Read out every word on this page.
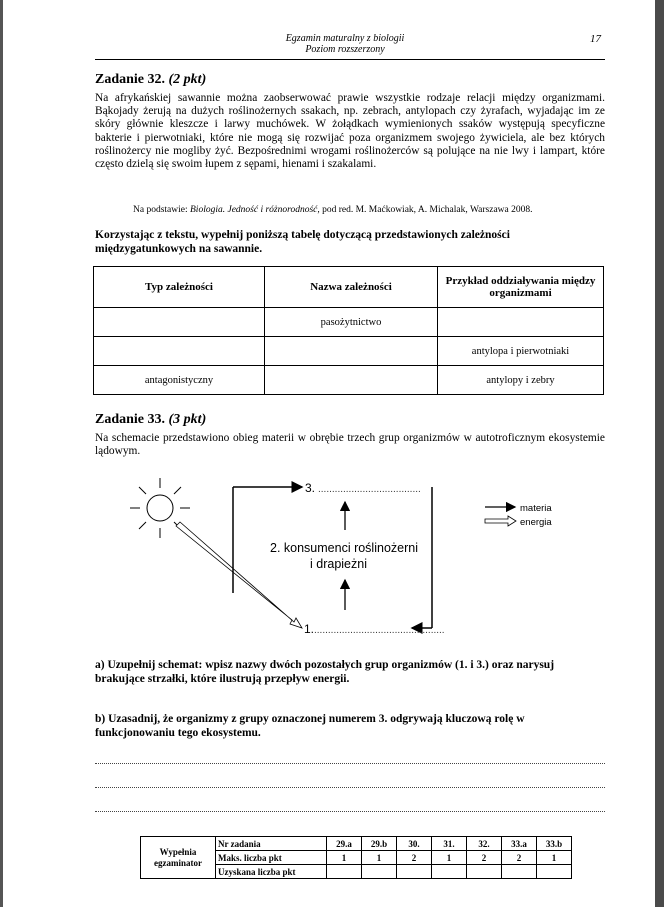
Egzamin maturalny z biologii
Poziom rozszerzony
17
Zadanie 32. (2 pkt)
Na afrykańskiej sawannie można zaobserwować prawie wszystkie rodzaje relacji między organizmami. Bąkojady żerują na dużych roślinożernych ssakach, np. zebrach, antylopach czy żyrafach, wyjadając im ze skóry głównie kleszcze i larwy muchówek. W żołądkach wymienionych ssaków występują specyficzne bakterie i pierwotniaki, które nie mogą się rozwijać poza organizmem swojego żywiciela, ale bez których roślinożercy nie mogliby żyć. Bezpośrednimi wrogami roślinożerców są polujące na nie lwy i lampart, które często dzielą się swoim łupem z sępami, hienami i szakalami.
Na podstawie: Biologia. Jedność i różnorodność, pod red. M. Maćkowiak, A. Michalak, Warszawa 2008.
Korzystając z tekstu, wypełnij poniższą tabelę dotyczącą przedstawionych zależności międzygatunkowych na sawannie.
Typ zależności	Nazwa zależności	Przykład oddziaływania między organizmami
	pasożytnictwo	
		antylopa i pierwotniaki
antagonistyczny		antylopy i zebry
Zadanie 33. (3 pkt)
Na schemacie przedstawiono obieg materii w obrębie trzech grup organizmów w autotroficznym ekosystemie lądowym.
3. .....................................
2. konsumenci roślinożerni
i drapieżni
1. ...............................................
materia
energia
a) Uzupełnij schemat: wpisz nazwy dwóch pozostałych grup organizmów (1. i 3.) oraz narysuj brakujące strzałki, które ilustrują przepływ energii.
b) Uzasadnij, że organizmy z grupy oznaczonej numerem 3. odgrywają kluczową rolę w funkcjonowaniu tego ekosystemu.
Wypełnia egzaminator	Nr zadania	29.a	29.b	30.	31.	32.	33.a	33.b
	Maks. liczba pkt	1	1	2	1	2	2	1
	Uzyskana liczba pkt							
